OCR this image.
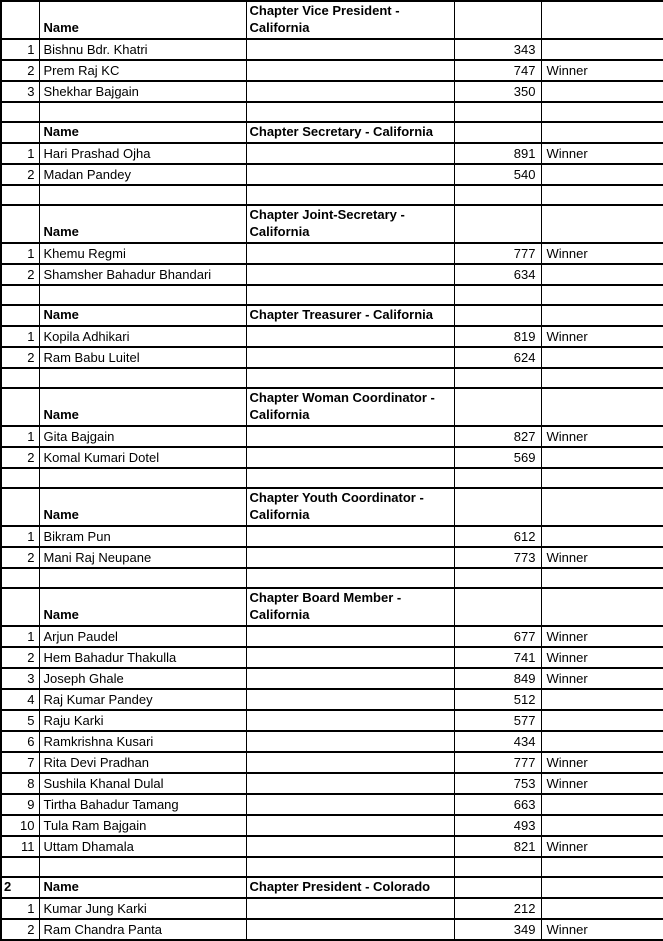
	Name	Chapter Vice President - California		
1	Bishnu Bdr. Khatri		343	
2	Prem Raj KC		747	Winner
3	Shekhar Bajgain		350	

	Name	Chapter Secretary - California		
1	Hari Prashad Ojha		891	Winner
2	Madan Pandey		540	

	Name	Chapter Joint-Secretary - California		
1	Khemu Regmi		777	Winner
2	Shamsher Bahadur Bhandari		634	

	Name	Chapter Treasurer - California		
1	Kopila Adhikari		819	Winner
2	Ram Babu Luitel		624	

	Name	Chapter Woman Coordinator - California		
1	Gita Bajgain		827	Winner
2	Komal Kumari Dotel		569	

	Name	Chapter Youth Coordinator - California		
1	Bikram Pun		612	
2	Mani Raj Neupane		773	Winner

	Name	Chapter Board Member - California		
1	Arjun Paudel		677	Winner
2	Hem Bahadur Thakulla		741	Winner
3	Joseph Ghale		849	Winner
4	Raj Kumar Pandey		512	
5	Raju Karki		577	
6	Ramkrishna Kusari		434	
7	Rita Devi Pradhan		777	Winner
8	Sushila Khanal Dulal		753	Winner
9	Tirtha Bahadur Tamang		663	
10	Tula Ram Bajgain		493	
11	Uttam Dhamala		821	Winner

2	Name	Chapter President - Colorado		
1	Kumar Jung Karki		212	
2	Ram Chandra Panta		349	Winner
